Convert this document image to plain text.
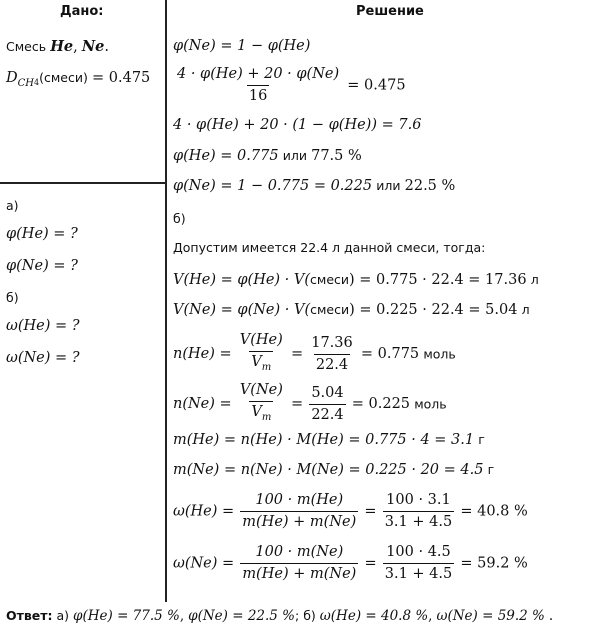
Дано:	Решение
Смесь He, Ne.
$D_{CH4}(смеси) = 0.475$
а)
φ(He) = ?
φ(Ne) = ?
б)
ω(He) = ?
ω(Ne) = ?
φ(Ne) = 1 − φ(He)
$\frac{4 \cdot \varphi(He) + 20 \cdot \varphi(Ne)}{16} = 0.475$
4 · φ(He) + 20 · (1 − φ(He)) = 7.6
φ(He) = 0.775 или 77.5 %
φ(Ne) = 1 − 0.775 = 0.225 или 22.5 %
б)
Допустим имеется 22.4 л данной смеси, тогда:
V(He) = φ(He) · V(смеси) = 0.775 · 22.4 = 17.36 л
V(Ne) = φ(Ne) · V(смеси) = 0.225 · 22.4 = 5.04 л
$n(He) = \frac{V(He)}{V_m} = \frac{17.36}{22.4} = 0.775$ моль
$n(Ne) = \frac{V(Ne)}{V_m} = \frac{5.04}{22.4} = 0.225$ моль
m(He) = n(He) · M(He) = 0.775 · 4 = 3.1 г
m(Ne) = n(Ne) · M(Ne) = 0.225 · 20 = 4.5 г
$\omega(He) = \frac{100 \cdot m(He)}{m(He) + m(Ne)} = \frac{100 \cdot 3.1}{3.1 + 4.5} = 40.8$ %
$\omega(Ne) = \frac{100 \cdot m(Ne)}{m(He) + m(Ne)} = \frac{100 \cdot 4.5}{3.1 + 4.5} = 59.2$ %
Ответ: а) φ(He) = 77.5 %, φ(Ne) = 22.5 %; б) ω(He) = 40.8 %, ω(Ne) = 59.2 % .
